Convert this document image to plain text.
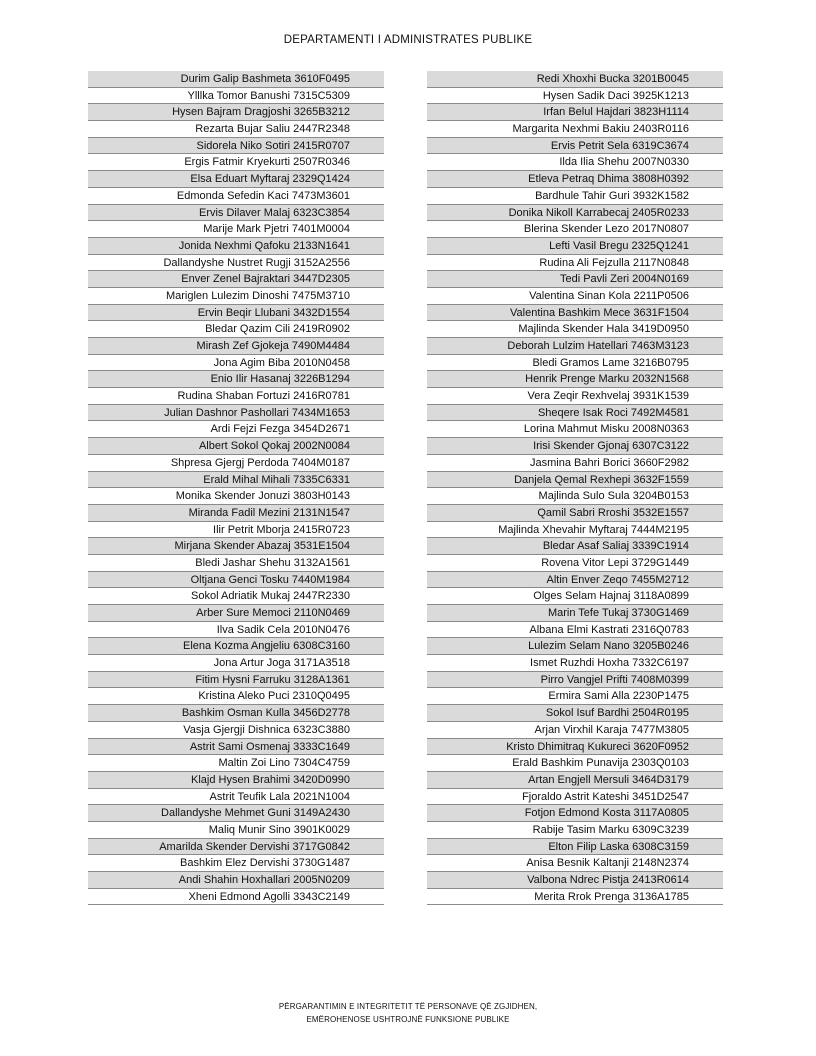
DEPARTAMENTI I ADMINISTRATES PUBLIKE
Durim Galip Bashmeta 3610F0495
Ylllka Tomor Banushi 7315C5309
Hysen Bajram Dragjoshi 3265B3212
Rezarta Bujar Saliu 2447R2348
Sidorela Niko Sotiri 2415R0707
Ergis Fatmir Kryekurti 2507R0346
Elsa Eduart Myftaraj 2329Q1424
Edmonda Sefedin Kaci 7473M3601
Ervis Dilaver Malaj 6323C3854
Marije Mark Pjetri 7401M0004
Jonida Nexhmi Qafoku 2133N1641
Dallandyshe Nustret Rugji 3152A2556
Enver Zenel Bajraktari 3447D2305
Mariglen Lulezim Dinoshi 7475M3710
Ervin Beqir Llubani 3432D1554
Bledar Qazim Cili 2419R0902
Mirash Zef Gjokeja 7490M4484
Jona Agim Biba 2010N0458
Enio Ilir Hasanaj 3226B1294
Rudina Shaban Fortuzi 2416R0781
Julian Dashnor Pashollari 7434M1653
Ardi Fejzi Fezga 3454D2671
Albert Sokol Qokaj 2002N0084
Shpresa Gjergj Perdoda 7404M0187
Erald Mihal Mihali 7335C6331
Monika Skender Jonuzi 3803H0143
Miranda Fadil Mezini 2131N1547
Ilir Petrit Mborja 2415R0723
Mirjana Skender Abazaj 3531E1504
Bledi Jashar Shehu 3132A1561
Oltjana Genci Tosku 7440M1984
Sokol Adriatik Mukaj 2447R2330
Arber Sure Memoci 2110N0469
Ilva Sadik Cela 2010N0476
Elena Kozma Angjeliu 6308C3160
Jona Artur Joga 3171A3518
Fitim Hysni Farruku 3128A1361
Kristina Aleko Puci 2310Q0495
Bashkim Osman Kulla 3456D2778
Vasja Gjergji Dishnica 6323C3880
Astrit Sami Osmenaj 3333C1649
Maltin Zoi Lino 7304C4759
Klajd Hysen Brahimi 3420D0990
Astrit Teufik Lala 2021N1004
Dallandyshe Mehmet Guni 3149A2430
Maliq Munir Sino 3901K0029
Amarilda Skender Dervishi 3717G0842
Bashkim Elez Dervishi 3730G1487
Andi Shahin Hoxhallari 2005N0209
Xheni Edmond Agolli 3343C2149
Redi Xhoxhi Bucka 3201B0045
Hysen Sadik Daci 3925K1213
Irfan Belul Hajdari 3823H1114
Margarita Nexhmi Bakiu 2403R0116
Ervis Petrit Sela 6319C3674
Ilda Ilia Shehu 2007N0330
Etleva Petraq Dhima 3808H0392
Bardhule Tahir Guri 3932K1582
Donika Nikoll Karrabecaj 2405R0233
Blerina Skender Lezo 2017N0807
Lefti Vasil Bregu 2325Q1241
Rudina Ali Fejzulla 2117N0848
Tedi Pavli Zeri 2004N0169
Valentina Sinan Kola 2211P0506
Valentina Bashkim Mece 3631F1504
Majlinda Skender Hala 3419D0950
Deborah Lulzim Hatellari 7463M3123
Bledi Gramos Lame 3216B0795
Henrik Prenge Marku 2032N1568
Vera Zeqir Rexhvelaj 3931K1539
Sheqere Isak Roci 7492M4581
Lorina Mahmut Misku 2008N0363
Irisi Skender Gjonaj 6307C3122
Jasmina Bahri Borici 3660F2982
Danjela Qemal Rexhepi 3632F1559
Majlinda Sulo Sula 3204B0153
Qamil Sabri Rroshi 3532E1557
Majlinda Xhevahir Myftaraj 7444M2195
Bledar Asaf Saliaj 3339C1914
Rovena Vitor Lepi 3729G1449
Altin Enver Zeqo 7455M2712
Olges Selam Hajnaj 3118A0899
Marin Tefe Tukaj 3730G1469
Albana Elmi Kastrati 2316Q0783
Lulezim Selam Nano 3205B0246
Ismet Ruzhdi Hoxha 7332C6197
Pirro Vangjel Prifti 7408M0399
Ermira Sami Alla 2230P1475
Sokol Isuf Bardhi 2504R0195
Arjan Virxhil Karaja 7477M3805
Kristo Dhimitraq Kukureci 3620F0952
Erald Bashkim Punavija 2303Q0103
Artan Engjell Mersuli 3464D3179
Fjoraldo Astrit Kateshi 3451D2547
Fotjon Edmond Kosta 3117A0805
Rabije Tasim Marku 6309C3239
Elton Filip Laska 6308C3159
Anisa Besnik Kaltanji 2148N2374
Valbona Ndrec Pistja 2413R0614
Merita Rrok Prenga 3136A1785
PËRGARANTIMIN E INTEGRITETIT TË PERSONAVE QË ZGJIDHEN,
EMËROHENOSE USHTROJNË FUNKSIONE PUBLIKE
